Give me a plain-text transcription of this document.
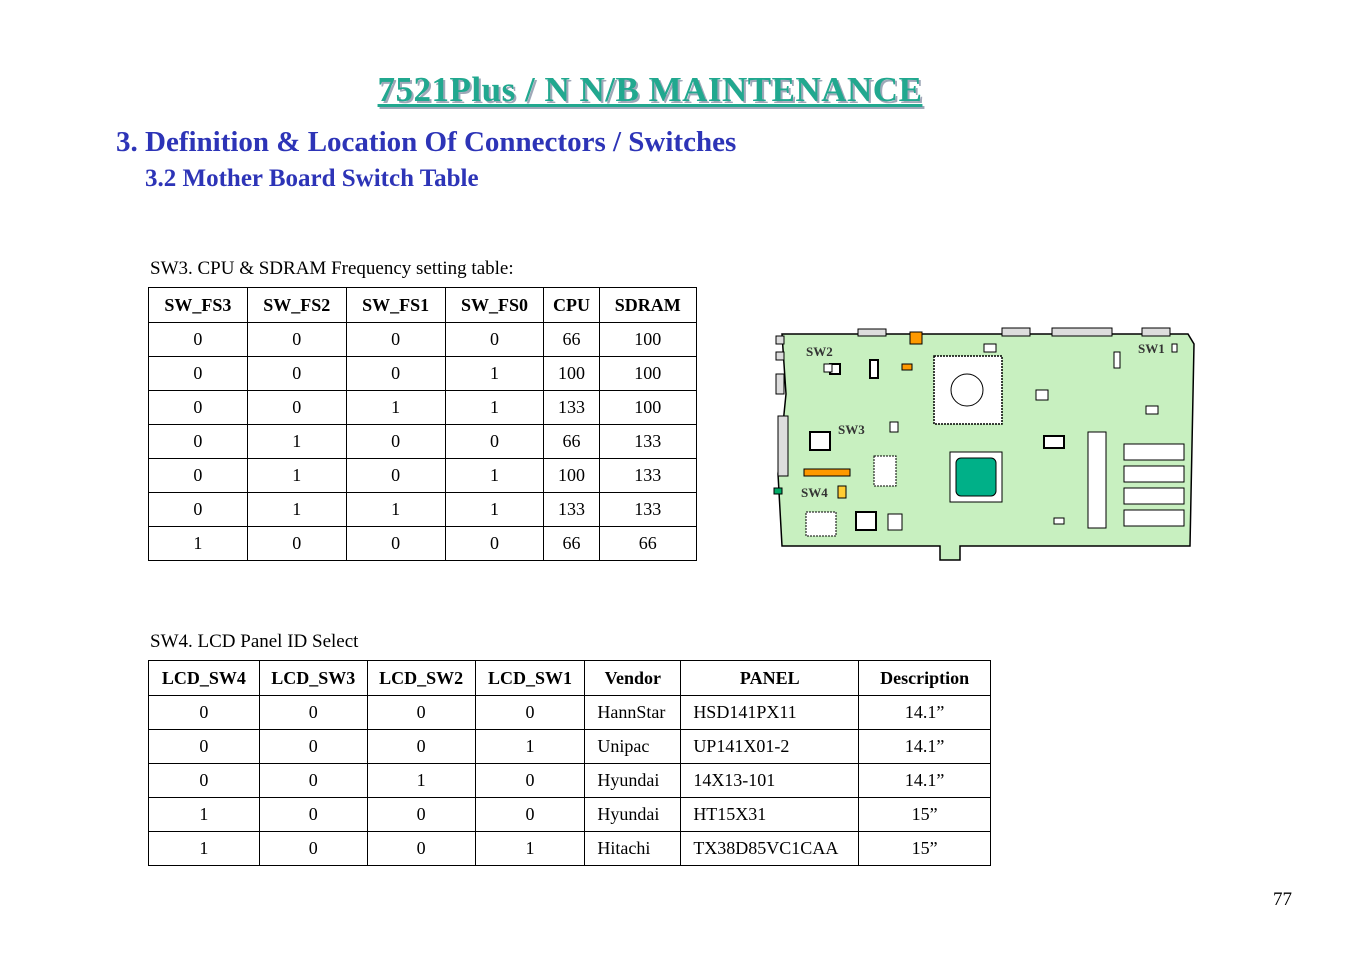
7521Plus / N N/B MAINTENANCE
3. Definition & Location Of Connectors / Switches
3.2 Mother Board Switch Table
SW3. CPU & SDRAM Frequency setting table:
SW_FS3	SW_FS2	SW_FS1	SW_FS0	CPU	SDRAM
0	0	0	0	66	100
0	0	0	1	100	100
0	0	1	1	133	100
0	1	0	0	66	133
0	1	0	1	100	133
0	1	1	1	133	133
1	0	0	0	66	66
SW4. LCD Panel ID Select
LCD_SW4	LCD_SW3	LCD_SW2	LCD_SW1	Vendor	PANEL	Description
0	0	0	0	HannStar	HSD141PX11	14.1”
0	0	0	1	Unipac	UP141X01-2	14.1”
0	0	1	0	Hyundai	14X13-101	14.1”
1	0	0	0	Hyundai	HT15X31	15”
1	0	0	1	Hitachi	TX38D85VC1CAA	15”
SW2	SW1
SW3
SW4
77
